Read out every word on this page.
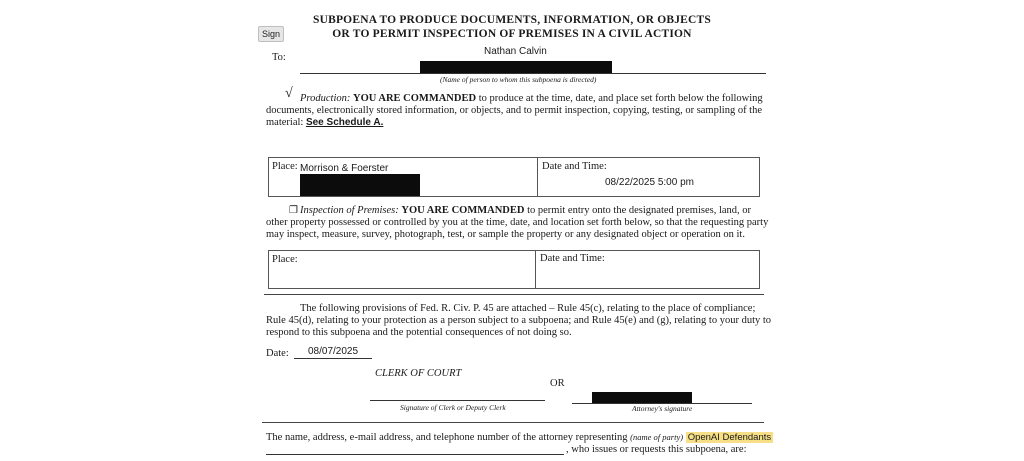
Sign
SUBPOENA TO PRODUCE DOCUMENTS, INFORMATION, OR OBJECTS
OR TO PERMIT INSPECTION OF PREMISES IN A CIVIL ACTION
To:
Nathan Calvin
(Name of person to whom this subpoena is directed)
√ Production: YOU ARE COMMANDED to produce at the time, date, and place set forth below the following
documents, electronically stored information, or objects, and to permit inspection, copying, testing, or sampling of the
material: See Schedule A.
Place: Morrison & Foerster	Date and Time:
08/22/2025 5:00 pm
❐ Inspection of Premises: YOU ARE COMMANDED to permit entry onto the designated premises, land, or
other property possessed or controlled by you at the time, date, and location set forth below, so that the requesting party
may inspect, measure, survey, photograph, test, or sample the property or any designated object or operation on it.
Place:	Date and Time:
The following provisions of Fed. R. Civ. P. 45 are attached – Rule 45(c), relating to the place of compliance;
Rule 45(d), relating to your protection as a person subject to a subpoena; and Rule 45(e) and (g), relating to your duty to
respond to this subpoena and the potential consequences of not doing so.
Date: 08/07/2025
CLERK OF COURT
OR
Signature of Clerk or Deputy Clerk	Attorney's signature
The name, address, e-mail address, and telephone number of the attorney representing (name of party) OpenAI Defendants
, who issues or requests this subpoena, are:
